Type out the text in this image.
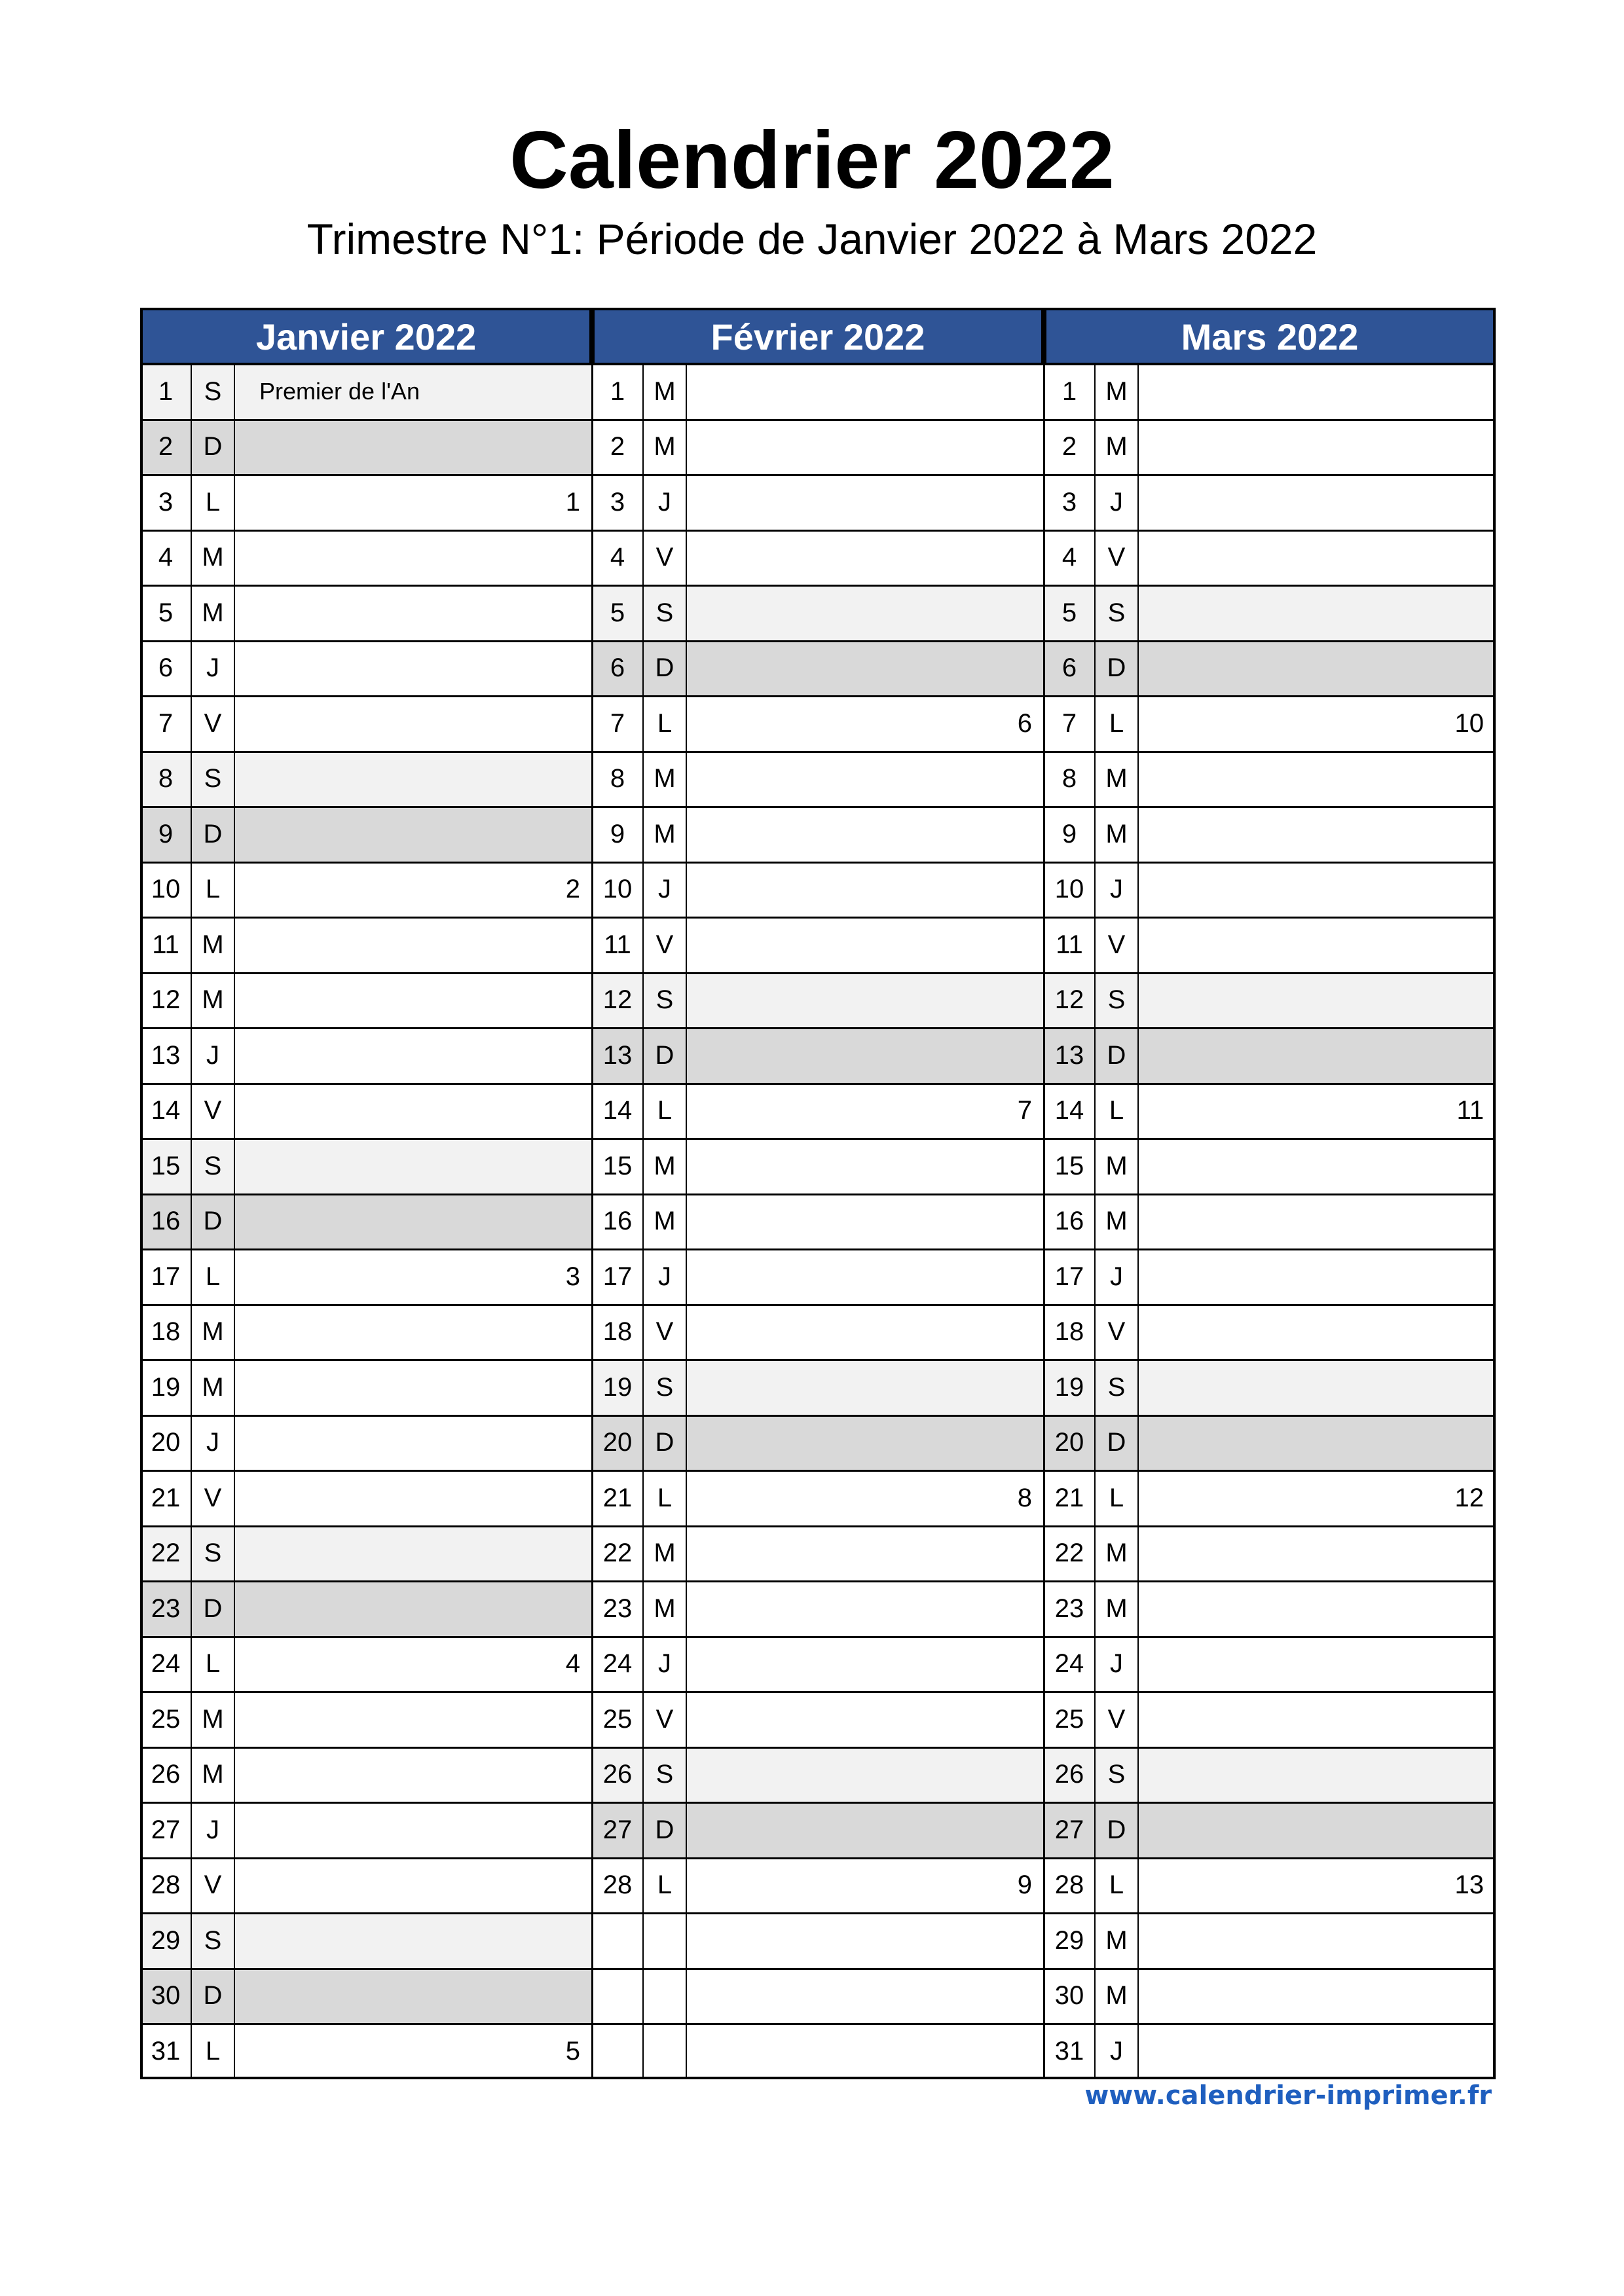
Calendrier 2022
Trimestre N°1: Période de Janvier 2022 à Mars 2022
Janvier 2022
1	S	Premier de l'An
2	D
3	L	1
4	M
5	M
6	J
7	V
8	S
9	D
10 L	2
11 M
12 M
13 J
14 V
15 S
16 D
17 L	3
18 M
19 M
20 J
21 V
22 S
23 D
24 L	4
25 M
26 M
27 J
28 V
29 S
30 D
31 L	5
Février 2022
1	M
2	M
3	J
4	V
5	S
6	D
7	L	6
8	M
9	M
10 J
11 V
12 S
13 D
14 L	7
15 M
16 M
17 J
18 V
19 S
20 D
21 L	8
22 M
23 M
24 J
25 V
26 S
27 D
28 L	9
Mars 2022
1	M
2	M
3	J
4	V
5	S
6	D
7	L	10
8	M
9	M
10 J
11 V
12 S
13 D
14 L	11
15 M
16 M
17 J
18 V
19 S
20 D
21 L	12
22 M
23 M
24 J
25 V
26 S
27 D
28 L	13
29 M
30 M
31 J
www.calendrier-imprimer.fr
